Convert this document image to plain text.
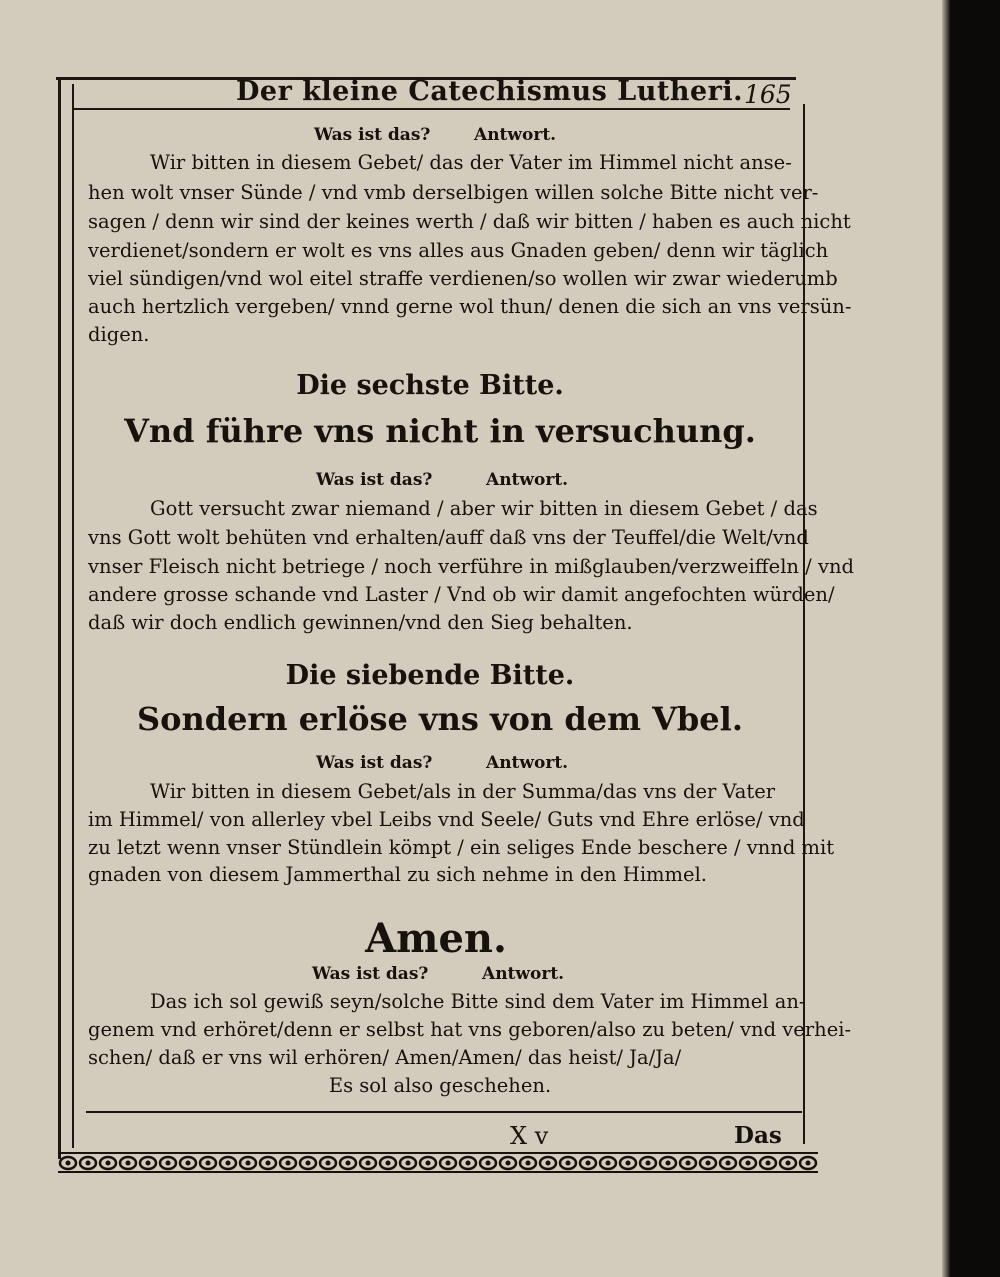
Der kleine Catechismus Lutheri. 165
Was ist das?	Antwort.
Wir bitten in diesem Gebet/ das der Vater im Himmel nicht anse-
hen wolt vnser Sünde / vnd vmb derselbigen willen solche Bitte nicht ver-
sagen / denn wir sind der keines werth / daß wir bitten / haben es auch nicht
verdienet/sondern er wolt es vns alles aus Gnaden geben/ denn wir täglich
viel sündigen/vnd wol eitel straffe verdienen/so wollen wir zwar wiederumb
auch hertzlich vergeben/ vnnd gerne wol thun/ denen die sich an vns versün-
digen.
Die sechste Bitte.
Vnd führe vns nicht in versuchung.
Was ist das?	Antwort.
Gott versucht zwar niemand / aber wir bitten in diesem Gebet / das
vns Gott wolt behüten vnd erhalten/auff daß vns der Teuffel/die Welt/vnd
vnser Fleisch nicht betriege / noch verführe in mißglauben/verzweiffeln / vnd
andere grosse schande vnd Laster / Vnd ob wir damit angefochten würden/
daß wir doch endlich gewinnen/vnd den Sieg behalten.
Die siebende Bitte.
Sondern erlöse vns von dem Vbel.
Was ist das?	Antwort.
Wir bitten in diesem Gebet/als in der Summa/das vns der Vater
im Himmel/ von allerley vbel Leibs vnd Seele/ Guts vnd Ehre erlöse/ vnd
zu letzt wenn vnser Stündlein kömpt / ein seliges Ende beschere / vnnd mit
gnaden von diesem Jammerthal zu sich nehme in den Himmel.
Amen.
Was ist das?	Antwort.
Das ich sol gewiß seyn/solche Bitte sind dem Vater im Himmel an-
genem vnd erhöret/denn er selbst hat vns geboren/also zu beten/ vnd verhei-
schen/ daß er vns wil erhören/ Amen/Amen/ das heist/ Ja/Ja/
Es sol also geschehen.
X v	Das
